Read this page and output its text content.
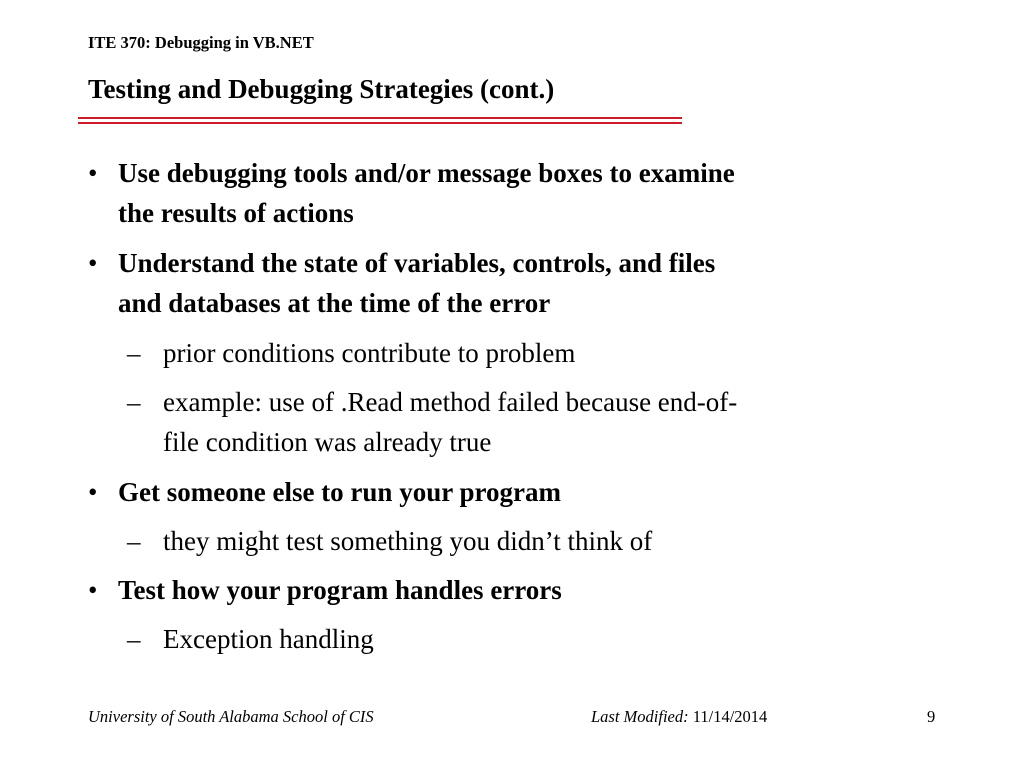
ITE 370: Debugging in VB.NET
Testing and Debugging Strategies (cont.)
• Use debugging tools and/or message boxes to examine
the results of actions
• Understand the state of variables, controls, and files
and databases at the time of the error
– prior conditions contribute to problem
– example: use of .Read method failed because end-of-
file condition was already true
• Get someone else to run your program
– they might test something you didn’t think of
• Test how your program handles errors
– Exception handling
University of South Alabama School of CIS	Last Modified: 11/14/2014	9
